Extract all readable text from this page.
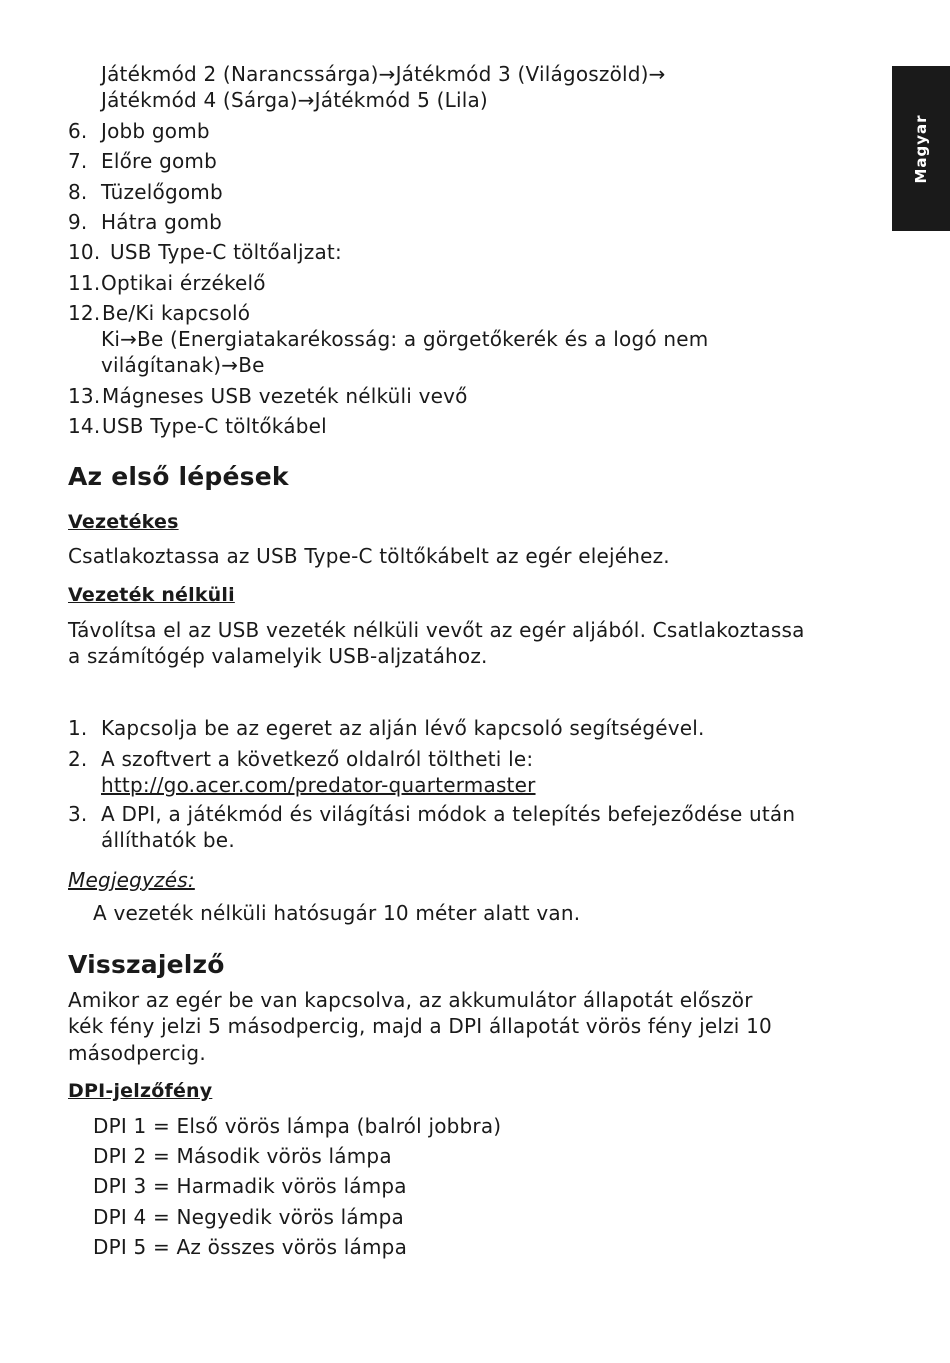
Magyar
Játékmód 2 (Narancssárga)→Játékmód 3 (Világoszöld)→
Játékmód 4 (Sárga)→Játékmód 5 (Lila)
6. Jobb gomb
7. Előre gomb
8. Tüzelőgomb
9. Hátra gomb
10. USB Type-C töltőaljzat:
11. Optikai érzékelő
12. Be/Ki kapcsoló
Ki→Be (Energiatakarékosság: a görgetőkerék és a logó nem
világítanak)→Be
13. Mágneses USB vezeték nélküli vevő
14. USB Type-C töltőkábel
Az első lépések
Vezetékes
Csatlakoztassa az USB Type-C töltőkábelt az egér elejéhez.
Vezeték nélküli
Távolítsa el az USB vezeték nélküli vevőt az egér aljából. Csatlakoztassa
a számítógép valamelyik USB-aljzatához.
1. Kapcsolja be az egeret az alján lévő kapcsoló segítségével.
2. A szoftvert a következő oldalról töltheti le:
http://go.acer.com/predator-quartermaster
3. A DPI, a játékmód és világítási módok a telepítés befejeződése után
állíthatók be.
Megjegyzés:
A vezeték nélküli hatósugár 10 méter alatt van.
Visszajelző
Amikor az egér be van kapcsolva, az akkumulátor állapotát először
kék fény jelzi 5 másodpercig, majd a DPI állapotát vörös fény jelzi 10
másodpercig.
DPI-jelzőfény
DPI 1 = Első vörös lámpa (balról jobbra)
DPI 2 = Második vörös lámpa
DPI 3 = Harmadik vörös lámpa
DPI 4 = Negyedik vörös lámpa
DPI 5 = Az összes vörös lámpa
